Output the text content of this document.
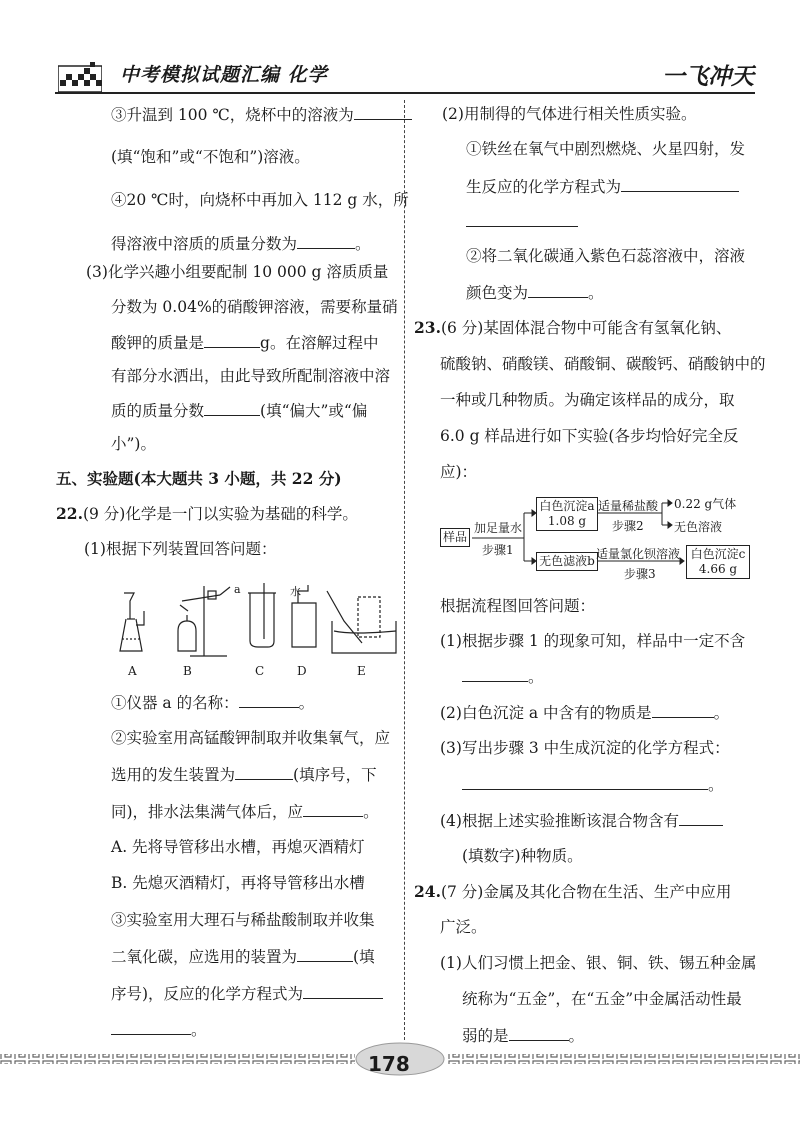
中考模拟试题汇编 化学	一飞冲天
③升温到 100 ℃，烧杯中的溶液为
(填“饱和”或“不饱和”)溶液。
④20 ℃时，向烧杯中再加入 112 g 水，所
得溶液中溶质的质量分数为	。
(3)化学兴趣小组要配制 10 000 g 溶质质量
分数为 0.04%的硝酸钾溶液，需要称量硝
酸钾的质量是	g。在溶解过程中
有部分水洒出，由此导致所配制溶液中溶
质的质量分数	(填“偏大”或“偏
小”)。
五、实验题(本大题共 3 小题，共 22 分)
22.(9 分)化学是一门以实验为基础的科学。
(1)根据下列装置回答问题：
水
a
A	B	C	D	E
①仪器 a 的名称：	。
②实验室用高锰酸钾制取并收集氧气，应
选用的发生装置为	(填序号，下
同)，排水法集满气体后，应	。
A. 先将导管移出水槽，再熄灭酒精灯
B. 先熄灭酒精灯，再将导管移出水槽
③实验室用大理石与稀盐酸制取并收集
二氧化碳，应选用的装置为	(填
序号)，反应的化学方程式为
。
(2)用制得的气体进行相关性质实验。
①铁丝在氧气中剧烈燃烧、火星四射，发
生反应的化学方程式为
②将二氧化碳通入紫色石蕊溶液中，溶液
颜色变为	。
23.(6 分)某固体混合物中可能含有氢氧化钠、
硫酸钠、硝酸镁、硝酸铜、碳酸钙、硝酸钠中的
一种或几种物质。为确定该样品的成分，取
6.0 g 样品进行如下实验(各步均恰好完全反
应)：
根据流程图回答问题：
(1)根据步骤 1 的现象可知，样品中一定不含
。
(2)白色沉淀 a 中含有的物质是	。
(3)写出步骤 3 中生成沉淀的化学方程式：
。
(4)根据上述实验推断该混合物含有
(填数字)种物质。
24.(7 分)金属及其化合物在生活、生产中应用
广泛。
(1)人们习惯上把金、银、铜、铁、锡五种金属
统称为“五金”，在“五金”中金属活动性最
弱的是	。
样品
加足量水
步骤1
白色沉淀a
1.08 g
适量稀盐酸
步骤2
0.22 g气体
无色溶液
无色滤液b 适量氯化钡溶液
步骤3
白色沉淀c
4.66 g
178
